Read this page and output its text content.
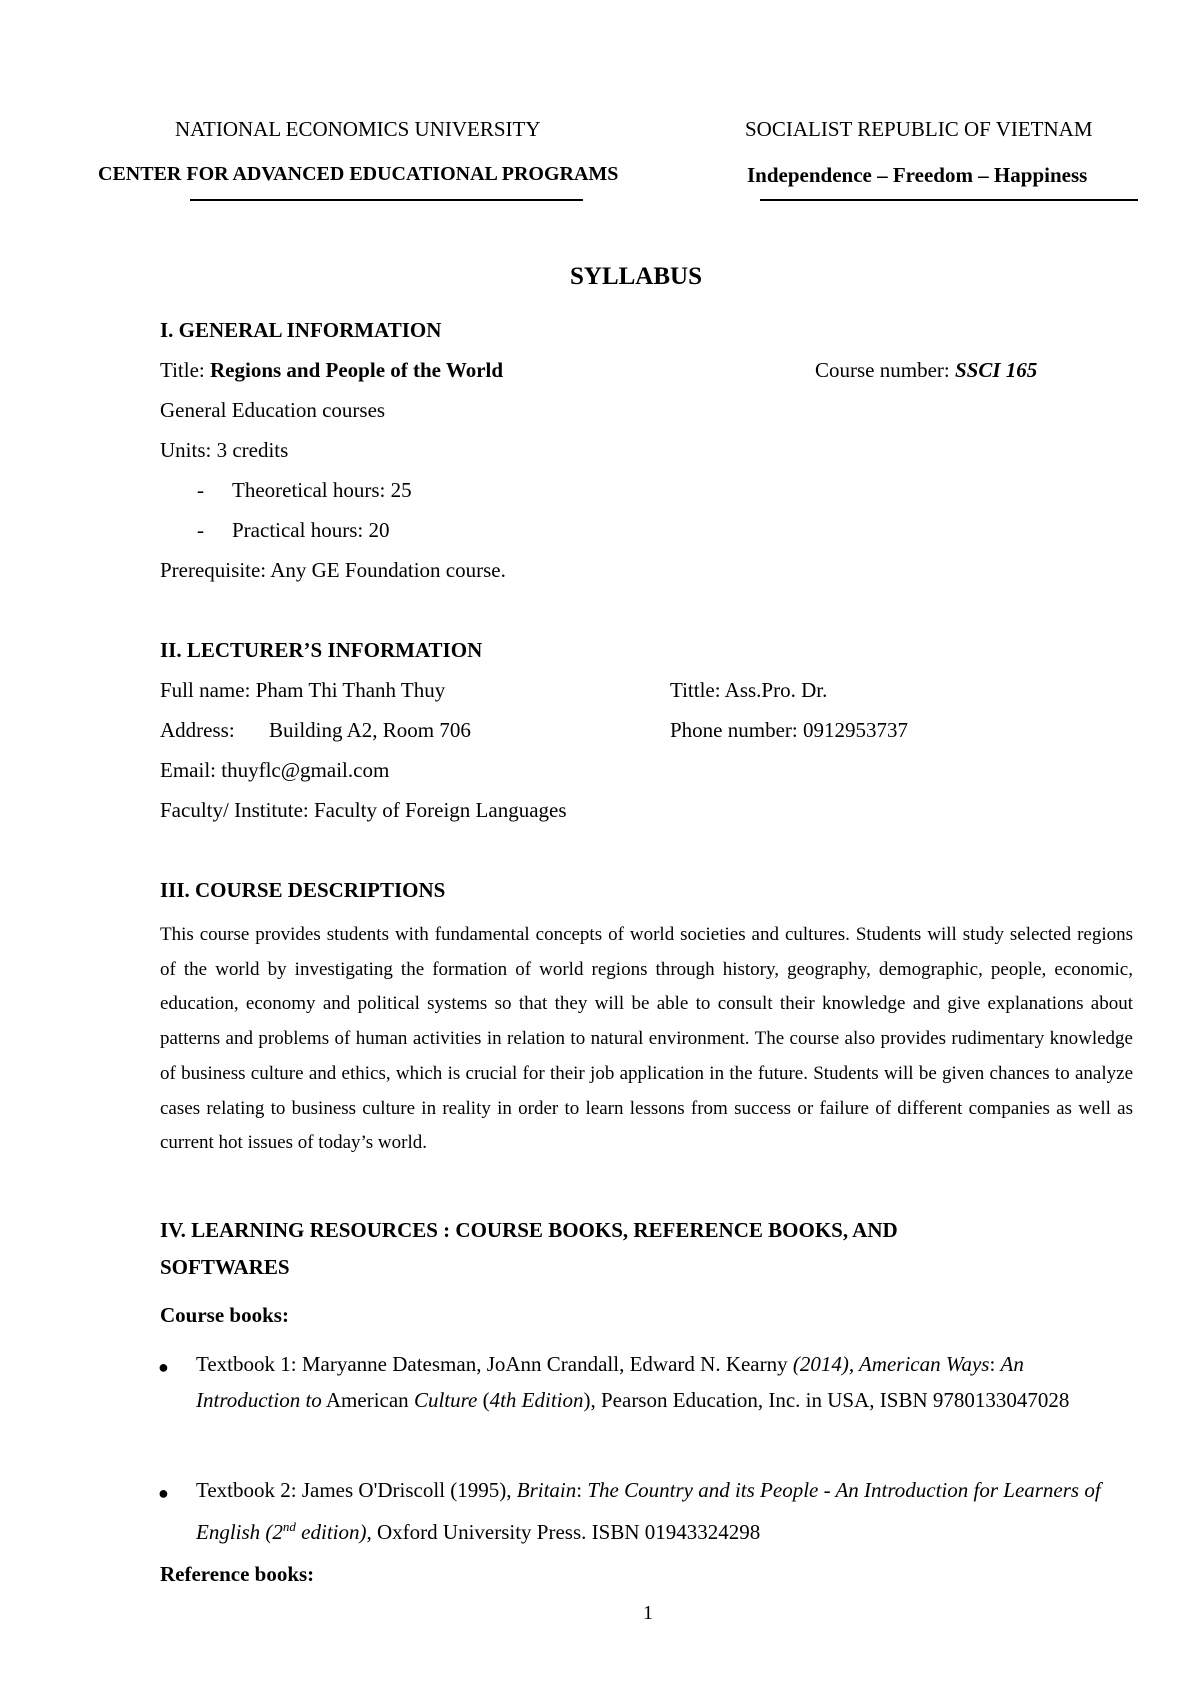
NATIONAL ECONOMICS UNIVERSITY
CENTER FOR ADVANCED EDUCATIONAL PROGRAMS
SOCIALIST REPUBLIC OF VIETNAM
Independence – Freedom – Happiness
SYLLABUS
I. GENERAL INFORMATION
Title: Regions and People of the World	Course number: SSCI 165
General Education courses
Units: 3 credits
- Theoretical hours: 25
- Practical hours: 20
Prerequisite: Any GE Foundation course.
II. LECTURER’S INFORMATION
Full name: Pham Thi Thanh Thuy	Tittle: Ass.Pro. Dr.
Address: Building A2, Room 706	Phone number: 0912953737
Email: thuyflc@gmail.com
Faculty/ Institute: Faculty of Foreign Languages
III. COURSE DESCRIPTIONS
This course provides students with fundamental concepts of world societies and cultures. Students will study selected regions of the world by investigating the formation of world regions through history, geography, demographic, people, economic, education, economy and political systems so that they will be able to consult their knowledge and give explanations about patterns and problems of human activities in relation to natural environment. The course also provides rudimentary knowledge of business culture and ethics, which is crucial for their job application in the future. Students will be given chances to analyze cases relating to business culture in reality in order to learn lessons from success or failure of different companies as well as current hot issues of today’s world.
IV. LEARNING RESOURCES : COURSE BOOKS, REFERENCE BOOKS, AND
SOFTWARES
Course books:
● Textbook 1: Maryanne Datesman, JoAnn Crandall, Edward N. Kearny (2014), American Ways: An Introduction to American Culture (4th Edition), Pearson Education, Inc. in USA, ISBN 9780133047028
● Textbook 2: James O'Driscoll (1995), Britain: The Country and its People - An Introduction for Learners of English (2nd edition), Oxford University Press. ISBN 01943324298
Reference books:
1
